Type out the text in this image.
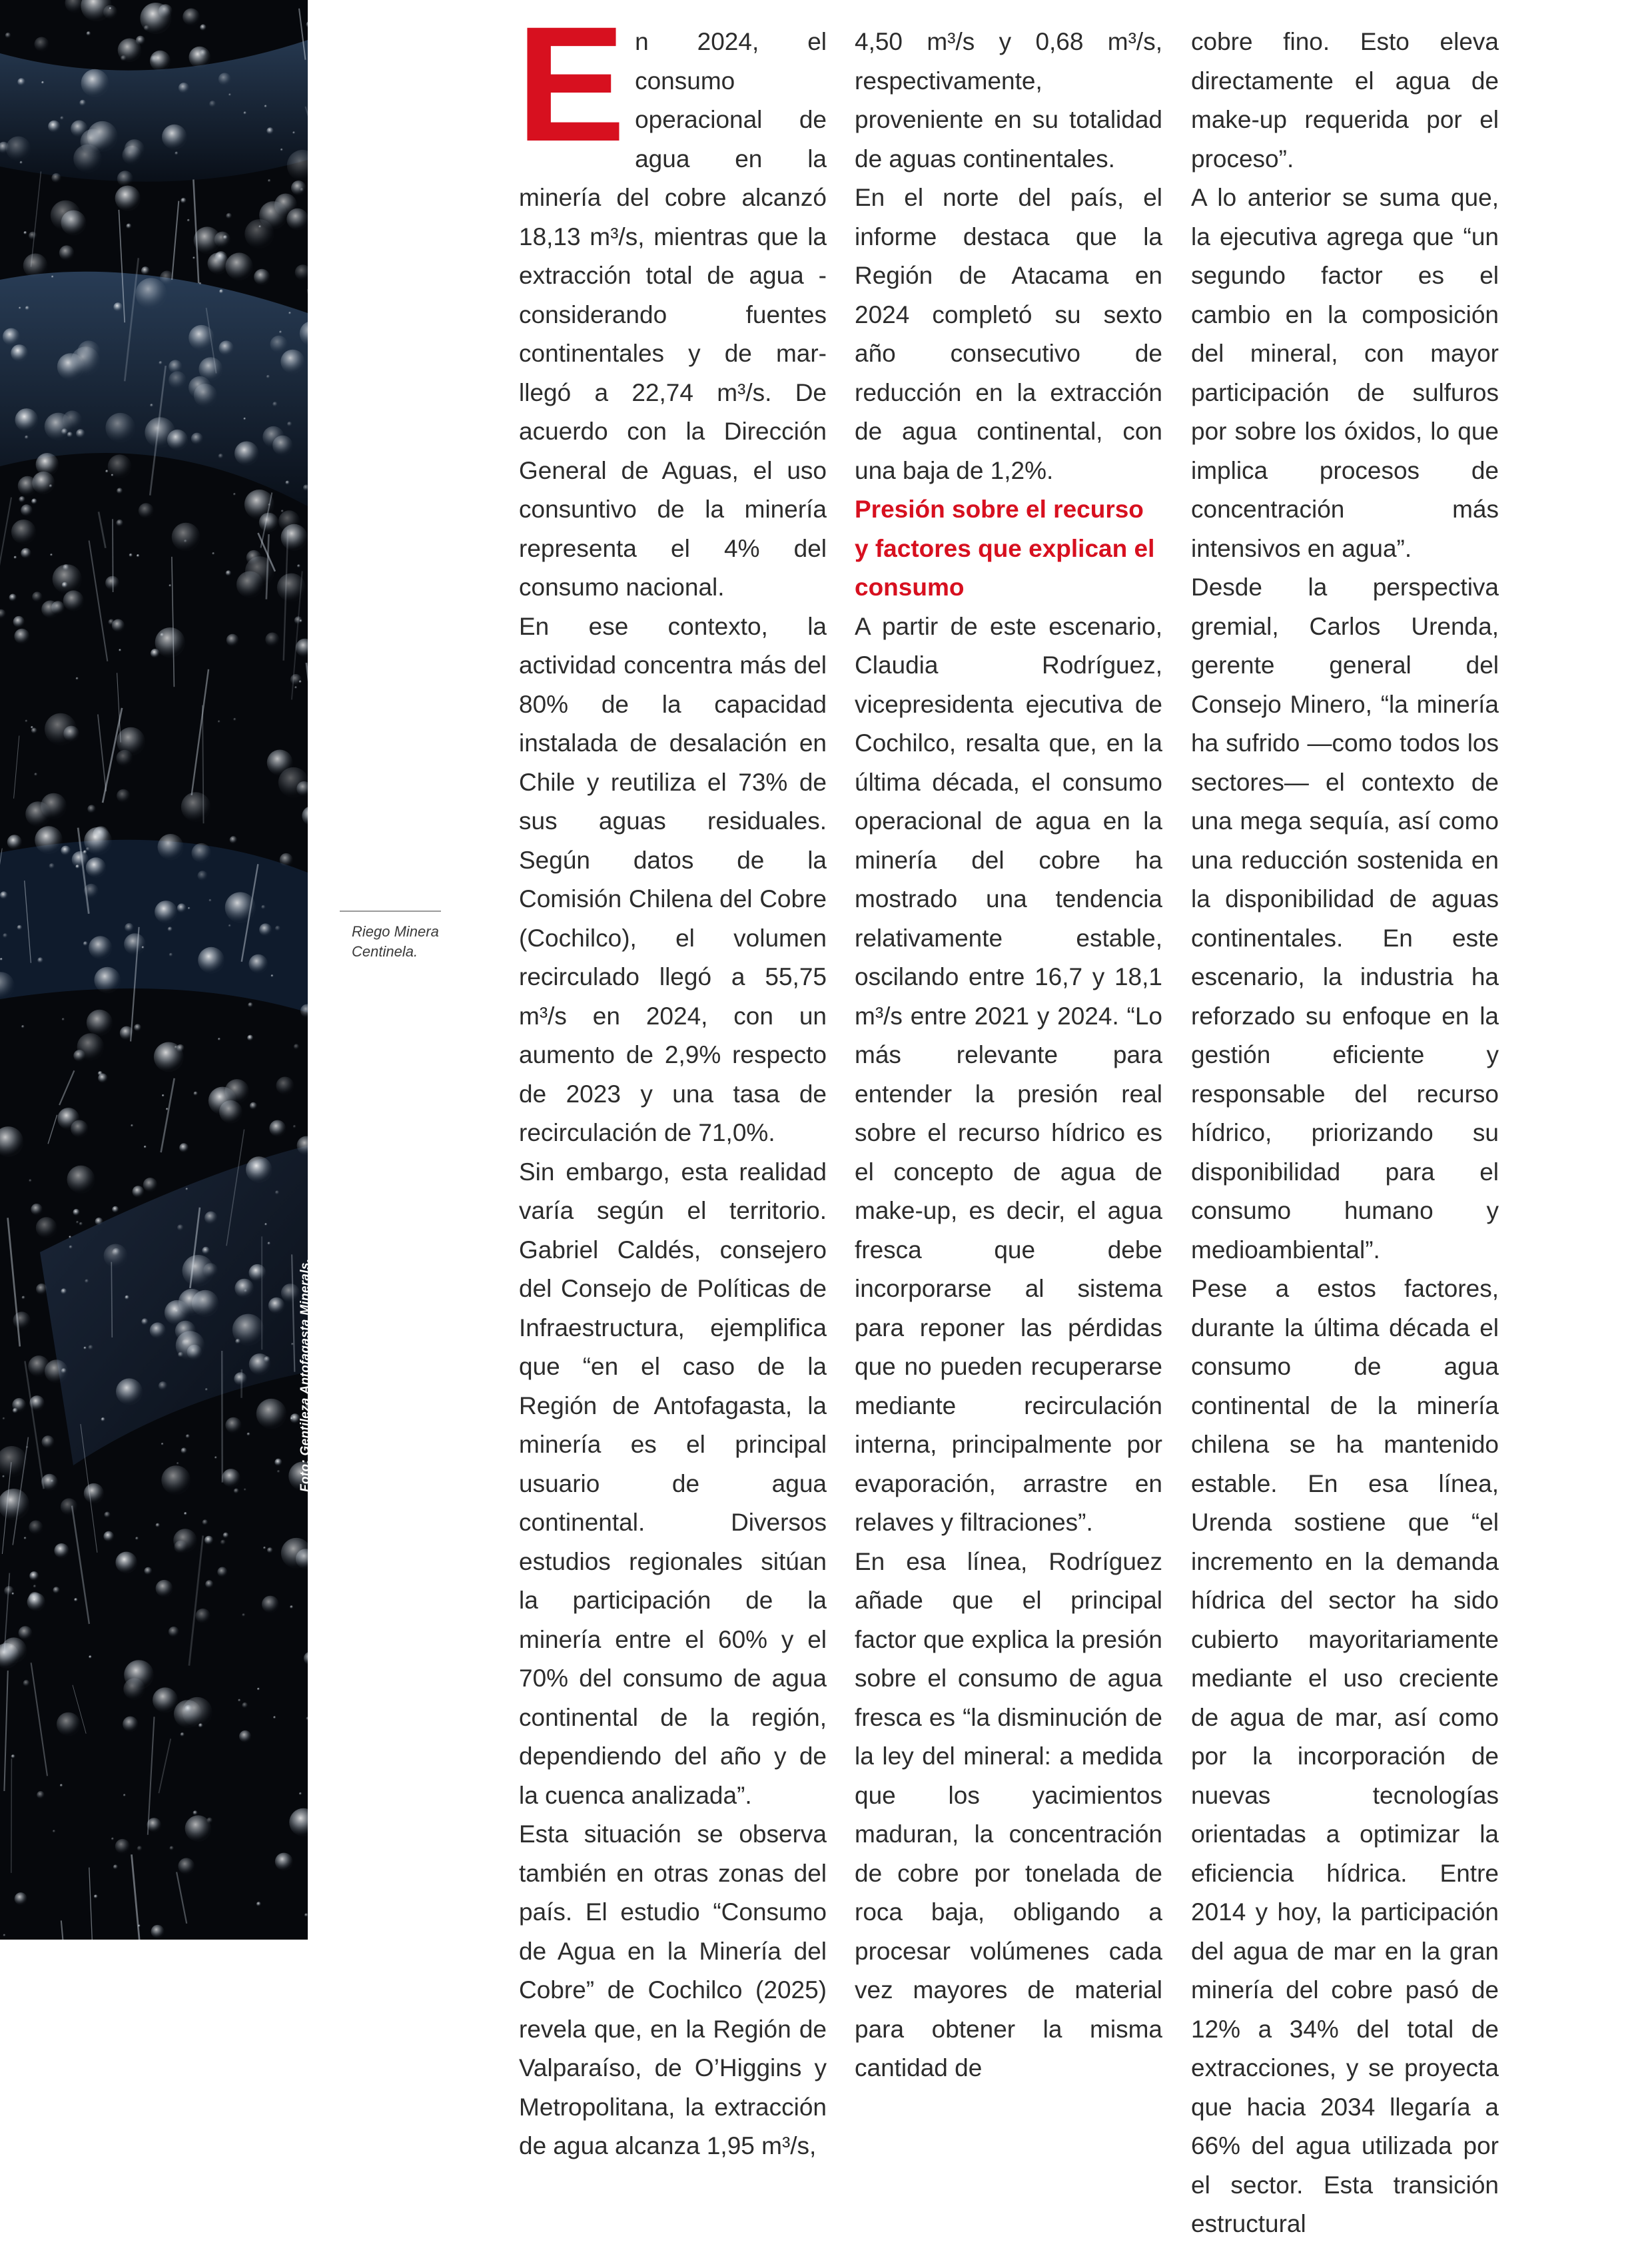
Foto: Gentileza Antofagasta Minerals.
Riego Minera Centinela.
E n 2024, el consumo operacional de agua en la minería del cobre alcanzó 18,13 m³/s, mientras que la extracción total de agua -considerando fuentes continentales y de mar- llegó a 22,74 m³/s. De acuerdo con la Dirección General de Aguas, el uso consuntivo de la minería representa el 4% del consumo nacional.

En ese contexto, la actividad concentra más del 80% de la capacidad instalada de desalación en Chile y reutiliza el 73% de sus aguas residuales. Según datos de la Comisión Chilena del Cobre (Cochilco), el volumen recirculado llegó a 55,75 m³/s en 2024, con un aumento de 2,9% respecto de 2023 y una tasa de recirculación de 71,0%.

Sin embargo, esta realidad varía según el territorio. Gabriel Caldés, consejero del Consejo de Políticas de Infraestructura, ejemplifica que “en el caso de la Región de Antofagasta, la minería es el principal usuario de agua continental. Diversos estudios regionales sitúan la participación de la minería entre el 60% y el 70% del consumo de agua continental de la región, dependiendo del año y de la cuenca analizada”.

Esta situación se observa también en otras zonas del país. El estudio “Consumo de Agua en la Minería del Cobre” de Cochilco (2025) revela que, en la Región de Valparaíso, de O’Higgins y Metropolitana, la extracción de agua alcanza 1,95 m³/s,

4,50 m³/s y 0,68 m³/s, respectivamente, proveniente en su totalidad de aguas continentales.

En el norte del país, el informe destaca que la Región de Atacama en 2024 completó su sexto año consecutivo de reducción en la extracción de agua continental, con una baja de 1,2%.

Presión sobre el recurso y factores que explican el consumo

A partir de este escenario, Claudia Rodríguez, vicepresidenta ejecutiva de Cochilco, resalta que, en la última década, el consumo operacional de agua en la minería del cobre ha mostrado una tendencia relativamente estable, oscilando entre 16,7 y 18,1 m³/s entre 2021 y 2024. “Lo más relevante para entender la presión real sobre el recurso hídrico es el concepto de agua de make-up, es decir, el agua fresca que debe incorporarse al sistema para reponer las pérdidas que no pueden recuperarse mediante recirculación interna, principalmente por evaporación, arrastre en relaves y filtraciones”.

En esa línea, Rodríguez añade que el principal factor que explica la presión sobre el consumo de agua fresca es “la disminución de la ley del mineral: a medida que los yacimientos maduran, la concentración de cobre por tonelada de roca baja, obligando a procesar volúmenes cada vez mayores de material para obtener la misma cantidad de

cobre fino. Esto eleva directamente el agua de make-up requerida por el proceso”.

A lo anterior se suma que, la ejecutiva agrega que “un segundo factor es el cambio en la composición del mineral, con mayor participación de sulfuros por sobre los óxidos, lo que implica procesos de concentración más intensivos en agua”.

Desde la perspectiva gremial, Carlos Urenda, gerente general del Consejo Minero, “la minería ha sufrido —como todos los sectores— el contexto de una mega sequía, así como una reducción sostenida en la disponibilidad de aguas continentales. En este escenario, la industria ha reforzado su enfoque en la gestión eficiente y responsable del recurso hídrico, priorizando su disponibilidad para el consumo humano y medioambiental”.

Pese a estos factores, durante la última década el consumo de agua continental de la minería chilena se ha mantenido estable. En esa línea, Urenda sostiene que “el incremento en la demanda hídrica del sector ha sido cubierto mayoritariamente mediante el uso creciente de agua de mar, así como por la incorporación de nuevas tecnologías orientadas a optimizar la eficiencia hídrica. Entre 2014 y hoy, la participación del agua de mar en la gran minería del cobre pasó de 12% a 34% del total de extracciones, y se proyecta que hacia 2034 llegaría a 66% del agua utilizada por el sector. Esta transición estructural
